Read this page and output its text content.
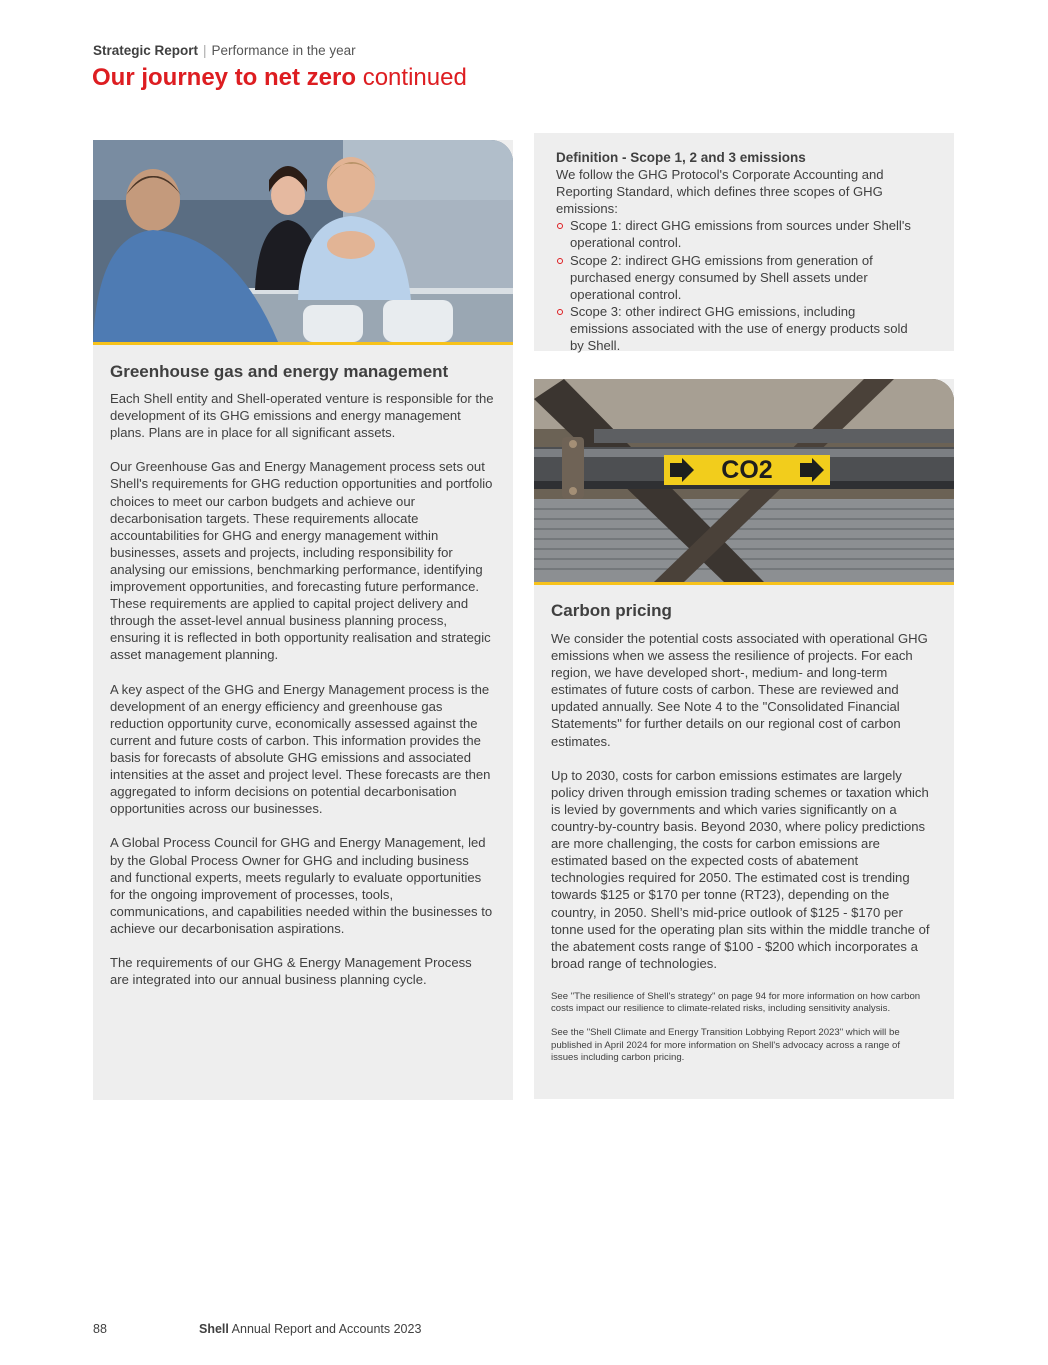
Strategic Report | Performance in the year
Our journey to net zero continued
Greenhouse gas and energy management

Each Shell entity and Shell-operated venture is responsible for the development of its GHG emissions and energy management plans. Plans are in place for all significant assets.

Our Greenhouse Gas and Energy Management process sets out Shell's requirements for GHG reduction opportunities and portfolio choices to meet our carbon budgets and achieve our decarbonisation targets. These requirements allocate accountabilities for GHG and energy management within businesses, assets and projects, including responsibility for analysing our emissions, benchmarking performance, identifying improvement opportunities, and forecasting future performance. These requirements are applied to capital project delivery and through the asset-level annual business planning process, ensuring it is reflected in both opportunity realisation and strategic asset management planning.

A key aspect of the GHG and Energy Management process is the development of an energy efficiency and greenhouse gas reduction opportunity curve, economically assessed against the current and future costs of carbon. This information provides the basis for forecasts of absolute GHG emissions and associated intensities at the asset and project level. These forecasts are then aggregated to inform decisions on potential decarbonisation opportunities across our businesses.

A Global Process Council for GHG and Energy Management, led by the Global Process Owner for GHG and including business and functional experts, meets regularly to evaluate opportunities for the ongoing improvement of processes, tools, communications, and capabilities needed within the businesses to achieve our decarbonisation aspirations.

The requirements of our GHG & Energy Management Process are integrated into our annual business planning cycle.

Definition - Scope 1, 2 and 3 emissions
We follow the GHG Protocol's Corporate Accounting and Reporting Standard, which defines three scopes of GHG emissions:
Scope 1: direct GHG emissions from sources under Shell's operational control.
Scope 2: indirect GHG emissions from generation of purchased energy consumed by Shell assets under operational control.
Scope 3: other indirect GHG emissions, including emissions associated with the use of energy products sold by Shell.
CO2
Carbon pricing

We consider the potential costs associated with operational GHG emissions when we assess the resilience of projects. For each region, we have developed short-, medium- and long-term estimates of future costs of carbon. These are reviewed and updated annually. See Note 4 to the "Consolidated Financial Statements" for further details on our regional cost of carbon estimates.

Up to 2030, costs for carbon emissions estimates are largely policy driven through emission trading schemes or taxation which is levied by governments and which varies significantly on a country-by-country basis. Beyond 2030, where policy predictions are more challenging, the costs for carbon emissions are estimated based on the expected costs of abatement technologies required for 2050. The estimated cost is trending towards $125 or $170 per tonne (RT23), depending on the country, in 2050. Shell’s mid-price outlook of $125 - $170 per tonne used for the operating plan sits within the middle tranche of the abatement costs range of $100 - $200 which incorporates a broad range of technologies.

See "The resilience of Shell's strategy" on page 94 for more information on how carbon costs impact our resilience to climate-related risks, including sensitivity analysis.

See the "Shell Climate and Energy Transition Lobbying Report 2023" which will be published in April 2024 for more information on Shell's advocacy across a range of issues including carbon pricing.

88	Shell Annual Report and Accounts 2023
